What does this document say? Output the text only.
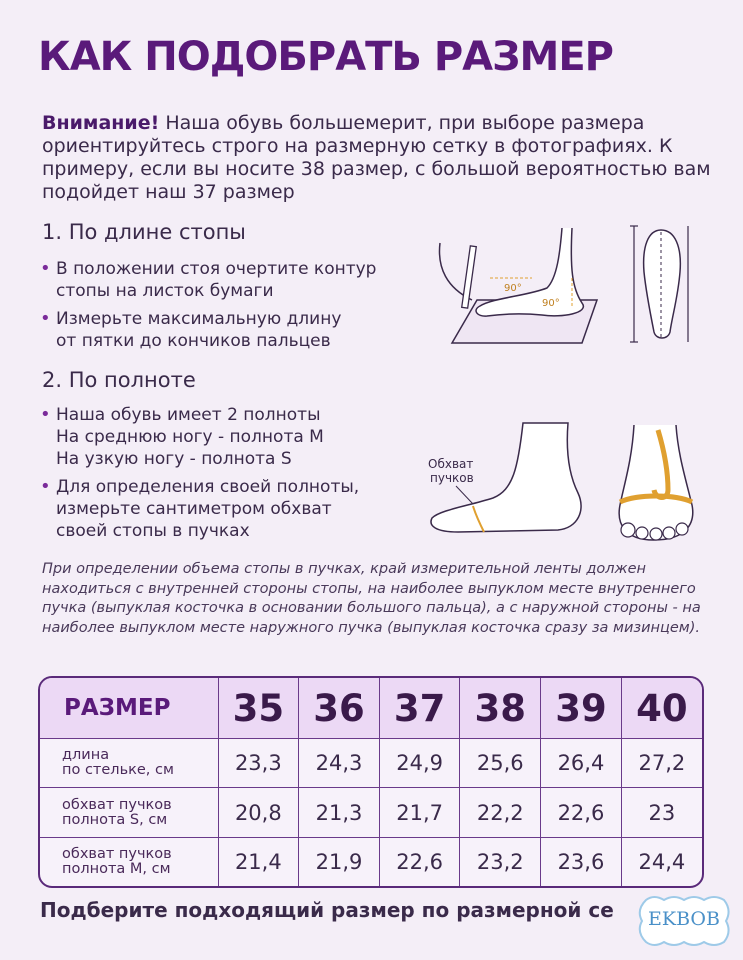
КАК ПОДОБРАТЬ РАЗМЕР
Внимание! Наша обувь большемерит, при выборе размера ориентируйтесь строго на размерную сетку в фотографиях. К примеру, если вы носите 38 размер, с большой вероятностью вам подойдет наш 37 размер
1. По длине стопы
• В положении стоя очертите контур
стопы на листок бумаги
• Измерьте максимальную длину
от пятки до кончиков пальцев
90°
90°
2. По полноте
• Наша обувь имеет 2 полноты
На среднюю ногу - полнота M
На узкую ногу - полнота S
• Для определения своей полноты,
измерьте сантиметром обхват
своей стопы в пучках
Обхват
пучков
При определении объема стопы в пучках, край измерительной ленты должен находиться с внутренней стороны стопы, на наиболее выпуклом месте внутреннего пучка (выпуклая косточка в основании большого пальца), а с наружной стороны - на наиболее выпуклом месте наружного пучка (выпуклая косточка сразу за мизинцем).
РАЗМЕР	35	36	37	38	39	40

длина
по стельке, см	23,3	24,3	24,9	25,6	26,4	27,2

обхват пучков
полнота S, см	20,8	21,3	21,7	22,2	22,6	23

обхват пучков
полнота M, см	21,4	21,9	22,6	23,2	23,6	24,4
Подберите подходящий размер по размерной се	EKBOB
